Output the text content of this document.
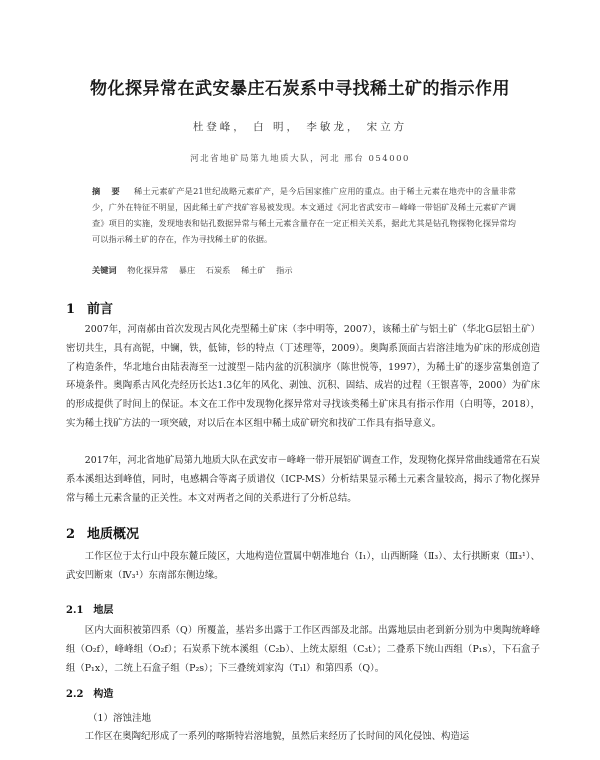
物化探异常在武安暴庄石炭系中寻找稀土矿的指示作用
杜登峰， 白 明， 李敏龙， 宋立方
河北省地矿局第九地质大队，河北 邢台 054000
摘 要 稀土元素矿产是21世纪战略元素矿产，是今后国家推广应用的重点。由于稀土元素在地壳中的含量非常少，广外在特征不明显，因此稀土矿产找矿容易被发现。本文通过《河北省武安市－峰峰一带铝矿及稀土元素矿产调查》项目的实施，发现地表和钻孔数据异常与稀土元素含量存在一定正相关关系，据此尤其是钻孔物探物化探异常均可以指示稀土矿的存在，作为寻找稀土矿的依据。
关键词 物化探异常 暴庄 石炭系 稀土矿 指示
1 前言
2007年，河南郝由首次发现古风化壳型稀土矿床（李中明等，2007），该稀土矿与铝土矿（华北G层铝土矿）密切共生，具有高铌，中镧，铁，低铈，钐的特点（丁述理等，2009）。奥陶系顶面古岩溶洼地为矿床的形成创造了构造条件，华北地台由陆表海至一过渡型－陆内盆的沉积演序（陈世悦等，1997），为稀土矿的逐步富集创造了环境条件。奥陶系古风化壳经历长达1.3亿年的风化、剥蚀、沉积、固结、成岩的过程（王银喜等，2000）为矿床的形成提供了时间上的保证。本文在工作中发现物化探异常对寻找该类稀土矿床具有指示作用（白明等，2018），实为稀土找矿方法的一项突破，对以后在本区组中稀土成矿研究和找矿工作具有指导意义。
2017年，河北省地矿局第九地质大队在武安市－峰峰一带开展铝矿调查工作，发现物化探异常曲线通常在石炭系本溪组达到峰值，同时，电感耦合等离子质谱仪（ICP-MS）分析结果显示稀土元素含量较高，揭示了物化探异常与稀土元素含量的正关性。本文对两者之间的关系进行了分析总结。
2 地质概况
工作区位于太行山中段东麓丘陵区，大地构造位置属中朝准地台（Ⅰ₁），山西断隆（Ⅱ₃）、太行拱断束（Ⅲ₃¹）、武安凹断束（Ⅳ₃¹）东南部东侧边缘。
2.1 地层
区内大面积被第四系（Q）所覆盖，基岩多出露于工作区西部及北部。出露地层由老到新分别为中奥陶统峰峰组（O₂f），峰峰组（O₂f）；石炭系下统本溪组（C₂b）、上统太原组（C₃t）；二叠系下统山西组（P₁s），下石盒子组（P₁x），二统上石盒子组（P₂s）；下三叠统刘家沟（T₁l）和第四系（Q）。
2.2 构造
（1）溶蚀洼地
工作区在奥陶纪形成了一系列的喀斯特岩溶地貌，虽然后来经历了长时间的风化侵蚀、构造运
